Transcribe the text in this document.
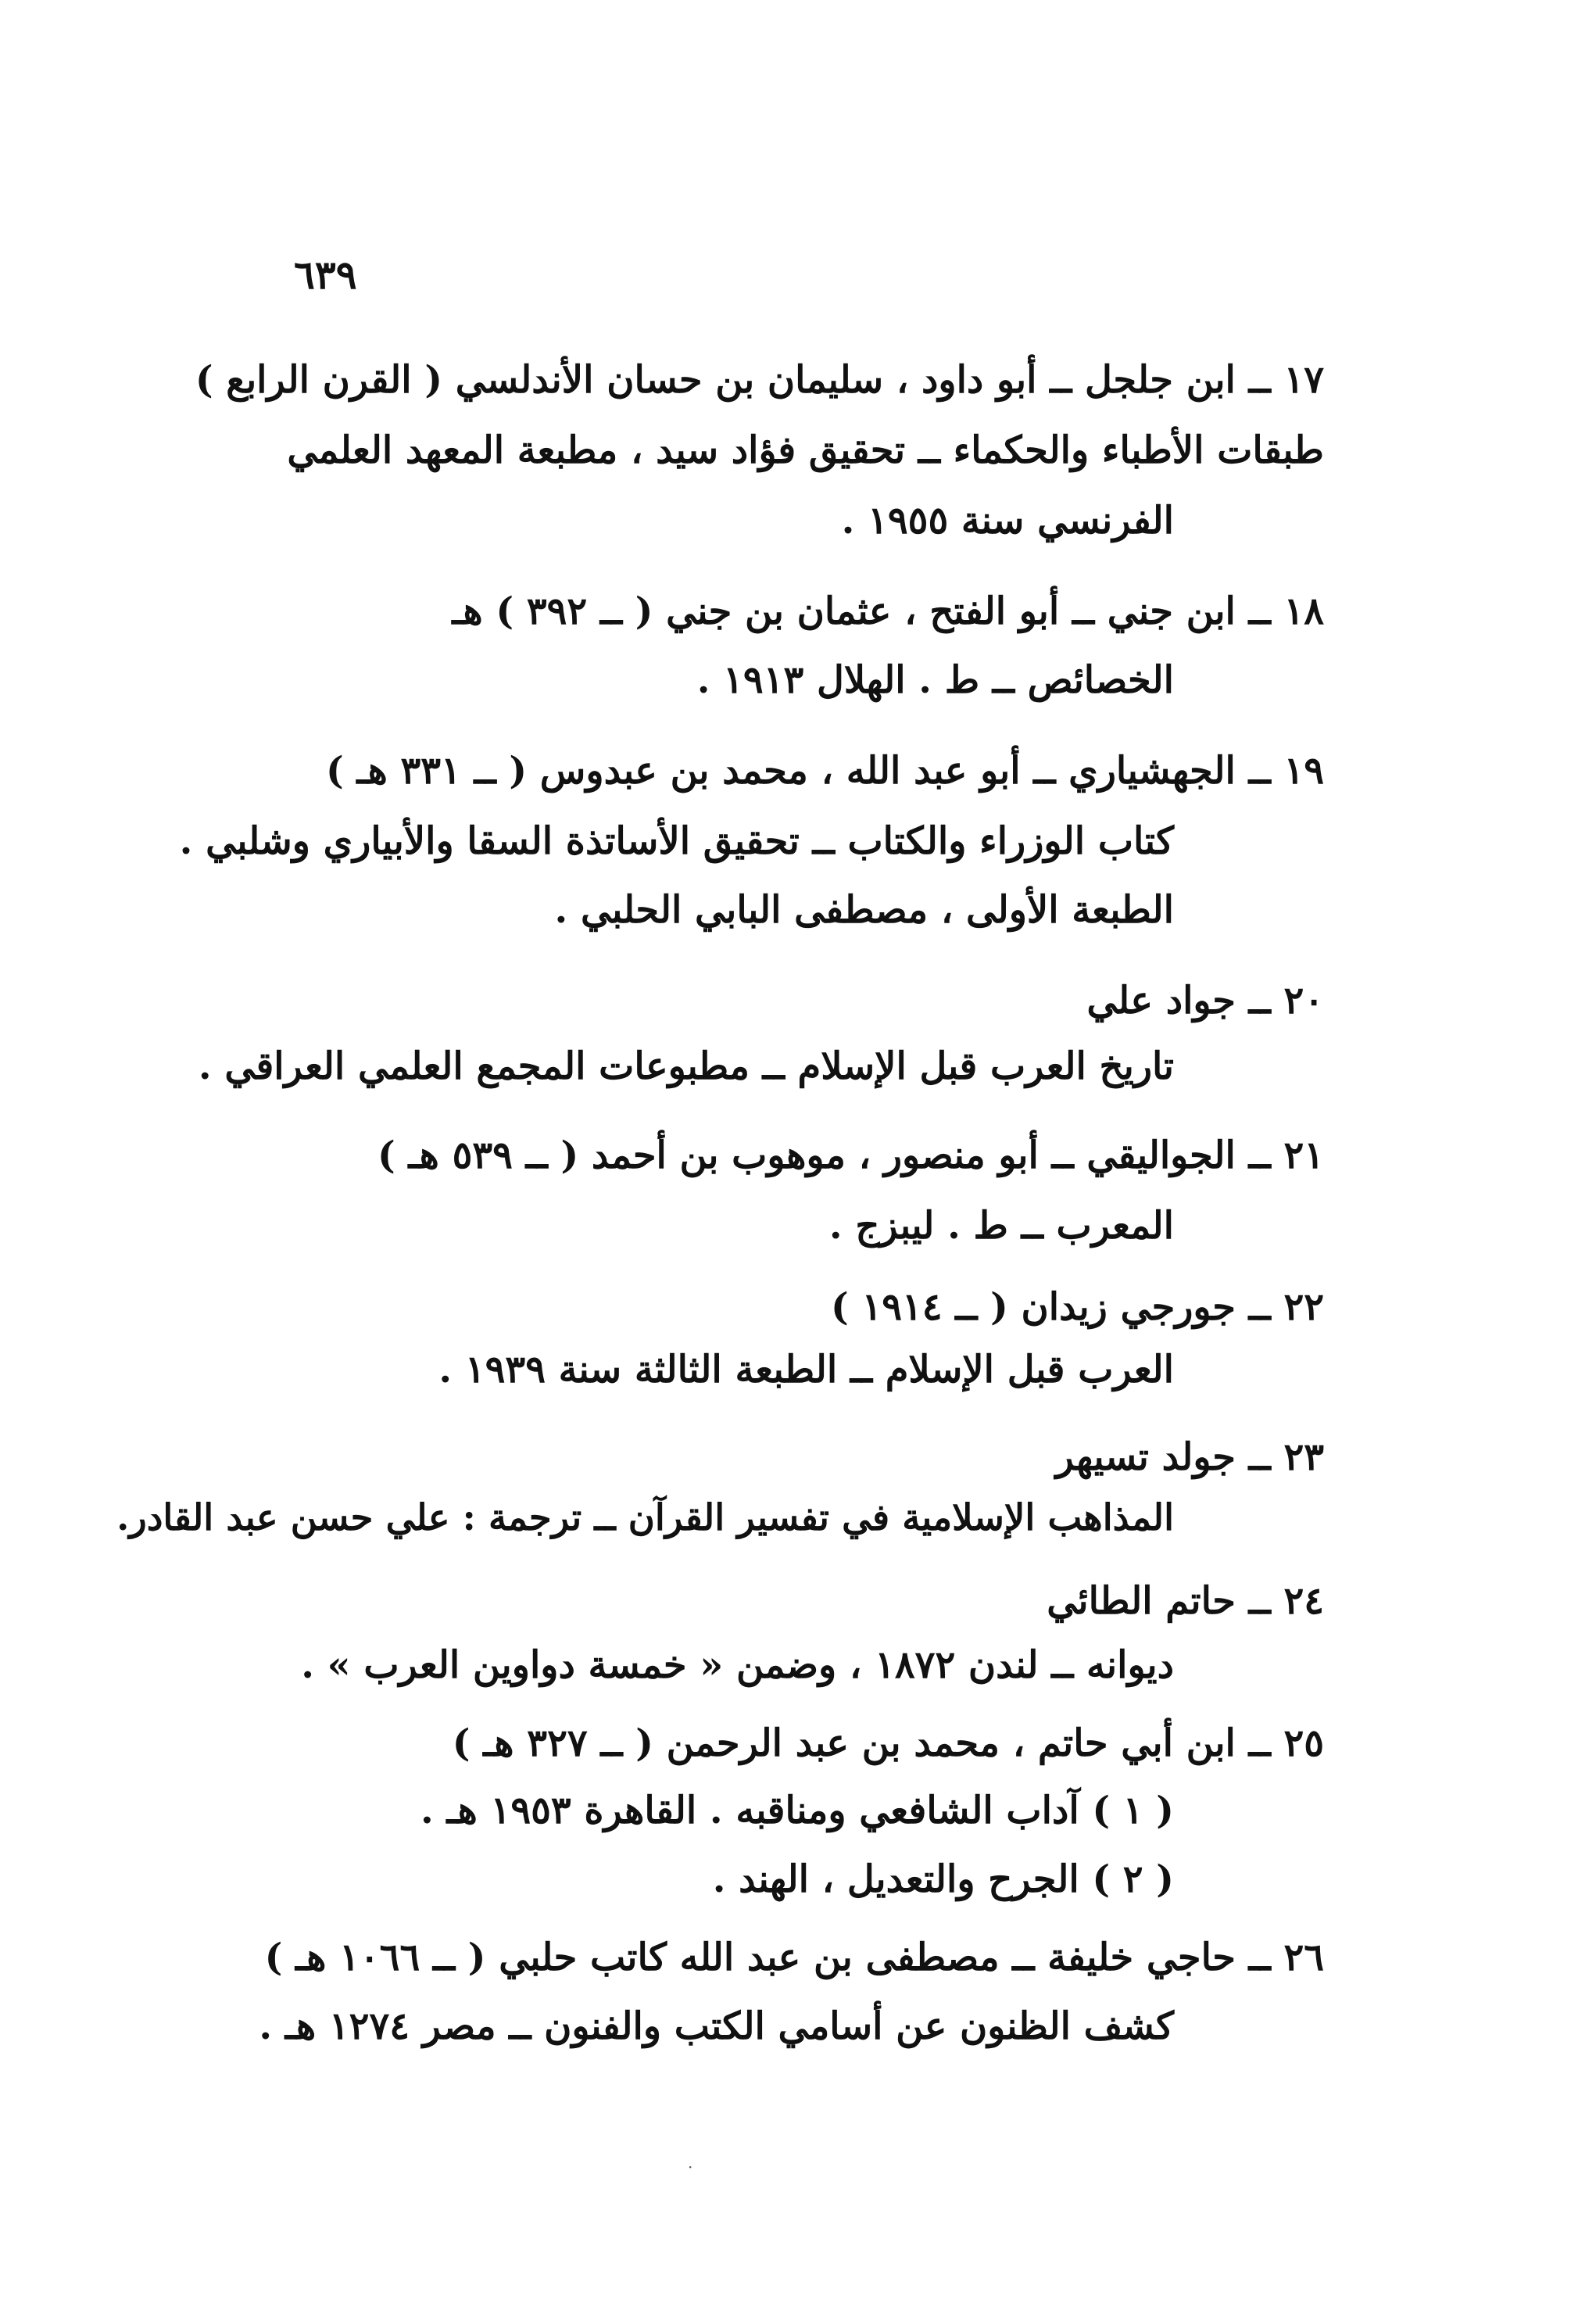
٦٣٩
١٧ ــ ابن جلجل ــ أبو داود ، سليمان بن حسان الأندلسي ( القرن الرابع )
طبقات الأطباء والحكماء ــ تحقيق فؤاد سيد ، مطبعة المعهد العلمي
الفرنسي سنة ١٩٥٥ .
١٨ ــ ابن جني ــ أبو الفتح ، عثمان بن جني ( ــ ٣٩٢ ) هـ
الخصائص ــ ط . الهلال ١٩١٣ .
١٩ ــ الجهشياري ــ أبو عبد الله ، محمد بن عبدوس ( ــ ٣٣١ هـ )
كتاب الوزراء والكتاب ــ تحقيق الأساتذة السقا والأبياري وشلبي .
الطبعة الأولى ، مصطفى البابي الحلبي .
٢٠ ــ جواد علي
تاريخ العرب قبل الإسلام ــ مطبوعات المجمع العلمي العراقي .
٢١ ــ الجواليقي ــ أبو منصور ، موهوب بن أحمد ( ــ ٥٣٩ هـ )
المعرب ــ ط . ليبزج .
٢٢ ــ جورجي زيدان ( ــ ١٩١٤ )
العرب قبل الإسلام ــ الطبعة الثالثة سنة ١٩٣٩ .
٢٣ ــ جولد تسيهر
المذاهب الإسلامية في تفسير القرآن ــ ترجمة : علي حسن عبد القادر.
٢٤ ــ حاتم الطائي
ديوانه ــ لندن ١٨٧٢ ، وضمن « خمسة دواوين العرب » .
٢٥ ــ ابن أبي حاتم ، محمد بن عبد الرحمن ( ــ ٣٢٧ هـ )
( ١ ) آداب الشافعي ومناقبه . القاهرة ١٩٥٣ هـ .
( ٢ ) الجرح والتعديل ، الهند .
٢٦ ــ حاجي خليفة ــ مصطفى بن عبد الله كاتب حلبي ( ــ ١٠٦٦ هـ )
كشف الظنون عن أسامي الكتب والفنون ــ مصر ١٢٧٤ هـ .
·
